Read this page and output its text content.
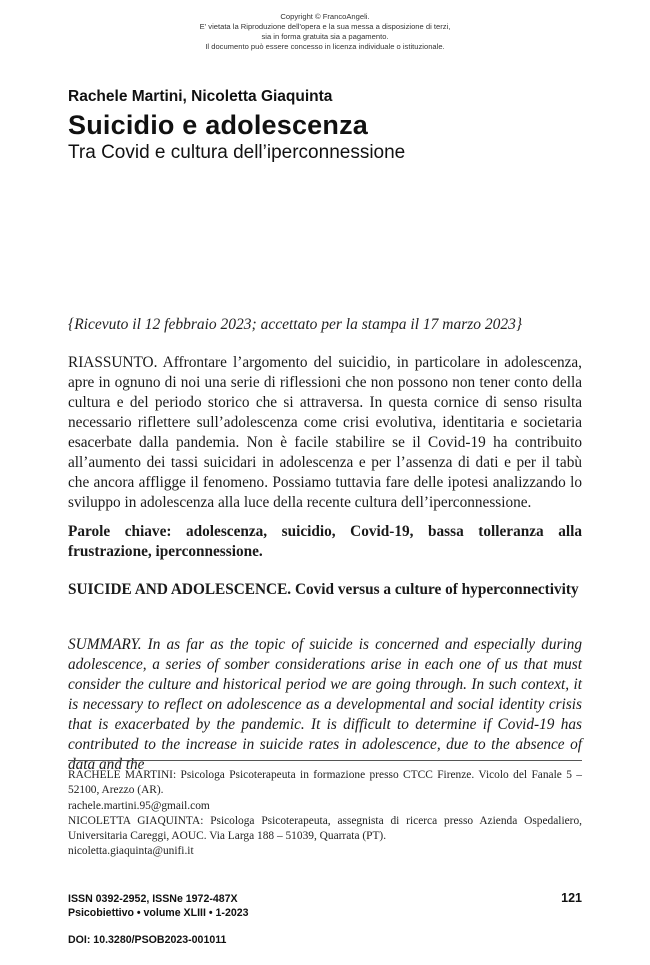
Copyright © FrancoAngeli.
E' vietata la Riproduzione dell'opera e la sua messa a disposizione di terzi,
sia in forma gratuita sia a pagamento.
Il documento può essere concesso in licenza individuale o istituzionale.
Rachele Martini, Nicoletta Giaquinta
Suicidio e adolescenza
Tra Covid e cultura dell’iperconnessione
{Ricevuto il 12 febbraio 2023; accettato per la stampa il 17 marzo 2023}
RIASSUNTO. Affrontare l’argomento del suicidio, in particolare in adolescenza, apre in ognuno di noi una serie di riflessioni che non possono non tener conto della cultura e del periodo storico che si attraversa. In questa cornice di senso risulta necessario riflettere sull’adolescenza come crisi evolutiva, identitaria e societaria esacerbate dalla pandemia. Non è facile stabilire se il Covid-19 ha contribuito all’aumento dei tassi suicidari in adolescenza e per l’assenza di dati e per il tabù che ancora affligge il fenomeno. Possiamo tuttavia fare delle ipotesi analizzando lo sviluppo in adolescenza alla luce della recente cultura dell’iperconnessione.
Parole chiave: adolescenza, suicidio, Covid-19, bassa tolleranza alla frustrazione, iperconnessione.
SUICIDE AND ADOLESCENCE. Covid versus a culture of hyperconnectivity
SUMMARY. In as far as the topic of suicide is concerned and especially during adolescence, a series of somber considerations arise in each one of us that must consider the culture and historical period we are going through. In such context, it is necessary to reflect on adolescence as a developmental and social identity crisis that is exacerbated by the pandemic. It is difficult to determine if Covid-19 has contributed to the increase in suicide rates in adolescence, due to the absence of data and the
RACHELE MARTINI: Psicologa Psicoterapeuta in formazione presso CTCC Firenze. Vicolo del Fanale 5 – 52100, Arezzo (AR).
rachele.martini.95@gmail.com
NICOLETTA GIAQUINTA: Psicologa Psicoterapeuta, assegnista di ricerca presso Azienda Ospedaliero, Universitaria Careggi, AOUC. Via Larga 188 – 51039, Quarrata (PT).
nicoletta.giaquinta@unifi.it
ISSN 0392-2952, ISSNe 1972-487X
Psicobiettivo • volume XLIII • 1-2023
121
DOI: 10.3280/PSOB2023-001011
